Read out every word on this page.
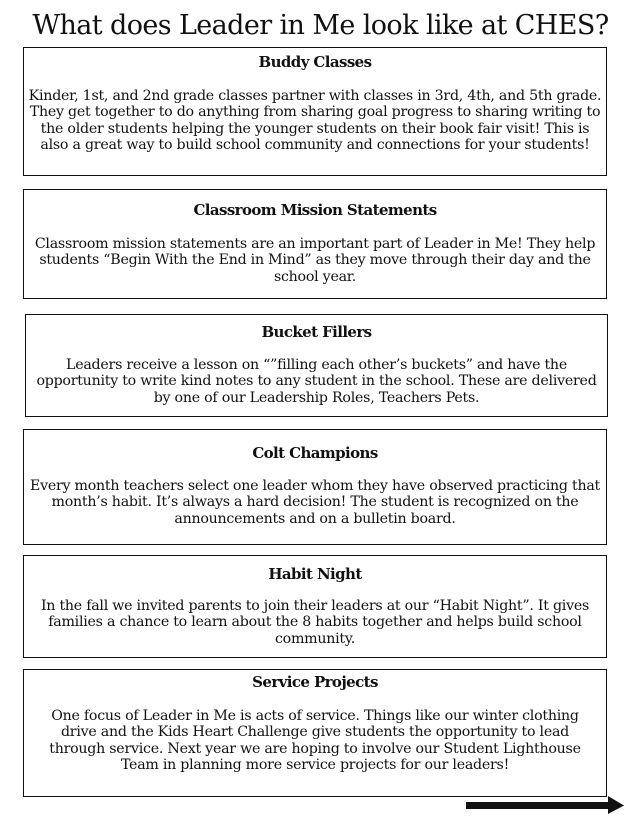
What does Leader in Me look like at CHES?
Buddy Classes
Kinder, 1st, and 2nd grade classes partner with classes in 3rd, 4th, and 5th grade. They get together to do anything from sharing goal progress to sharing writing to the older students helping the younger students on their book fair visit! This is also a great way to build school community and connections for your students!
Classroom Mission Statements
Classroom mission statements are an important part of Leader in Me! They help students “Begin With the End in Mind” as they move through their day and the school year.
Bucket Fillers
Leaders receive a lesson on “”filling each other’s buckets” and have the opportunity to write kind notes to any student in the school. These are delivered by one of our Leadership Roles, Teachers Pets.
Colt Champions
Every month teachers select one leader whom they have observed practicing that month’s habit. It’s always a hard decision! The student is recognized on the announcements and on a bulletin board.
Habit Night
In the fall we invited parents to join their leaders at our “Habit Night”. It gives families a chance to learn about the 8 habits together and helps build school community.
Service Projects
One focus of Leader in Me is acts of service. Things like our winter clothing drive and the Kids Heart Challenge give students the opportunity to lead through service. Next year we are hoping to involve our Student Lighthouse Team in planning more service projects for our leaders!
